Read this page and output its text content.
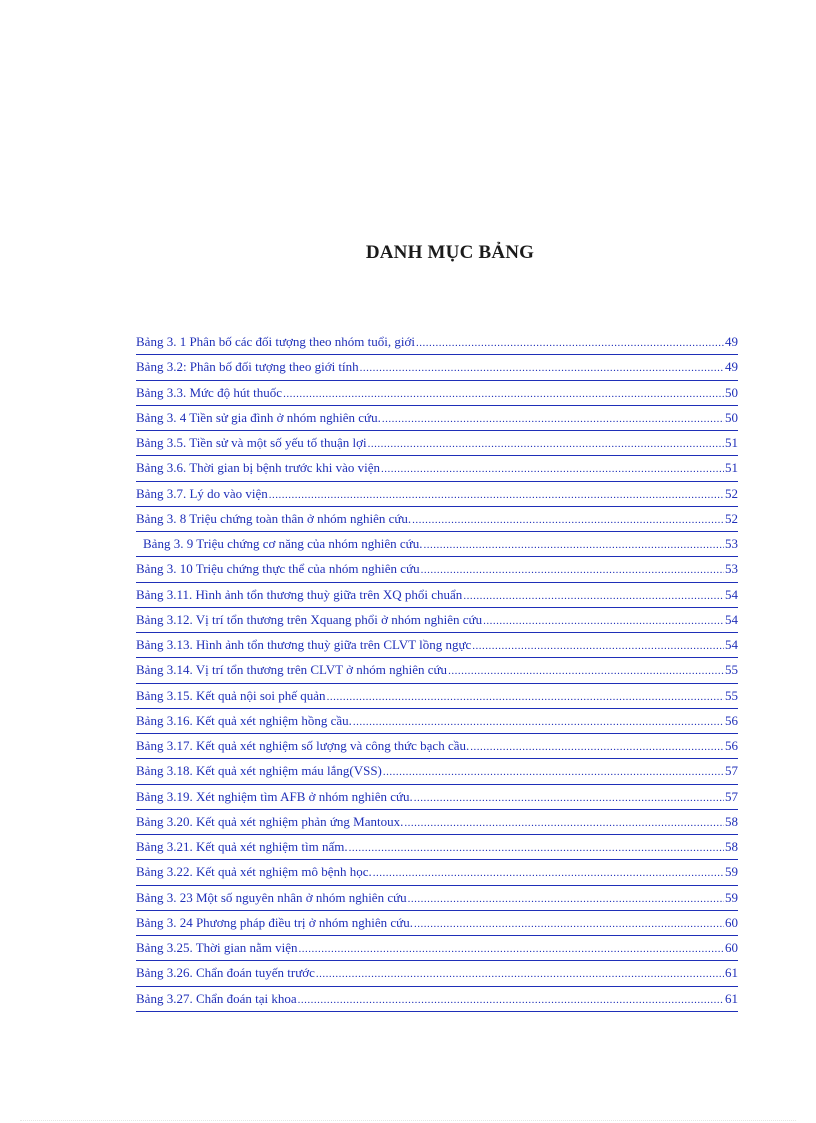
DANH MỤC BẢNG
Bảng 3. 1 Phân bố các đối tượng theo nhóm tuổi, giới .....	49
Bảng 3.2: Phân bố đối tượng theo giới tính .....	49
Bảng 3.3. Mức độ hút thuốc .....	50
Bảng 3. 4 Tiền sử gia đình ở nhóm nghiên cứu. .....	50
Bảng 3.5. Tiền sử và một số yếu tố thuận lợi .....	51
Bảng 3.6. Thời gian bị bệnh trước khi vào viện .....	51
Bảng 3.7. Lý do vào viện .....	52
Bảng 3. 8 Triệu chứng toàn thân ở nhóm nghiên cứu. .....	52
Bảng 3. 9 Triệu chứng cơ năng của nhóm nghiên cứu. .....	53
Bảng 3. 10 Triệu chứng thực thể của nhóm nghiên cứu .....	53
Bảng 3.11. Hình ảnh tổn thương thuỳ giữa trên XQ phổi chuẩn .....	54
Bảng 3.12. Vị trí tổn thương trên Xquang phổi ở nhóm nghiên cứu .....	54
Bảng 3.13. Hình ảnh tổn thương thuỳ giữa trên CLVT lồng ngực .....	54
Bảng 3.14. Vị trí tổn thương trên CLVT ở nhóm nghiên cứu .....	55
Bảng 3.15. Kết quả nội soi phế quản .....	55
Bảng 3.16. Kết quả xét nghiệm hồng cầu. .....	56
Bảng 3.17. Kết quả xét nghiệm số lượng và công thức bạch cầu. .....	56
Bảng 3.18. Kết quả xét nghiệm máu lắng(VSS) .....	57
Bảng 3.19. Xét nghiệm tìm AFB ở nhóm nghiên cứu. .....	57
Bảng 3.20. Kết quả xét nghiệm phản ứng Mantoux. .....	58
Bảng 3.21. Kết quả xét nghiệm tìm nấm. .....	58
Bảng 3.22. Kết quả xét nghiệm mô bệnh học. .....	59
Bảng 3. 23 Một số nguyên nhân ở nhóm nghiên cứu .....	59
Bảng 3. 24 Phương pháp điều trị ở nhóm nghiên cứu. .....	60
Bảng 3.25. Thời gian nằm viện .....	60
Bảng 3.26. Chẩn đoán tuyến trước .....	61
Bảng 3.27. Chẩn đoán tại khoa .....	61
